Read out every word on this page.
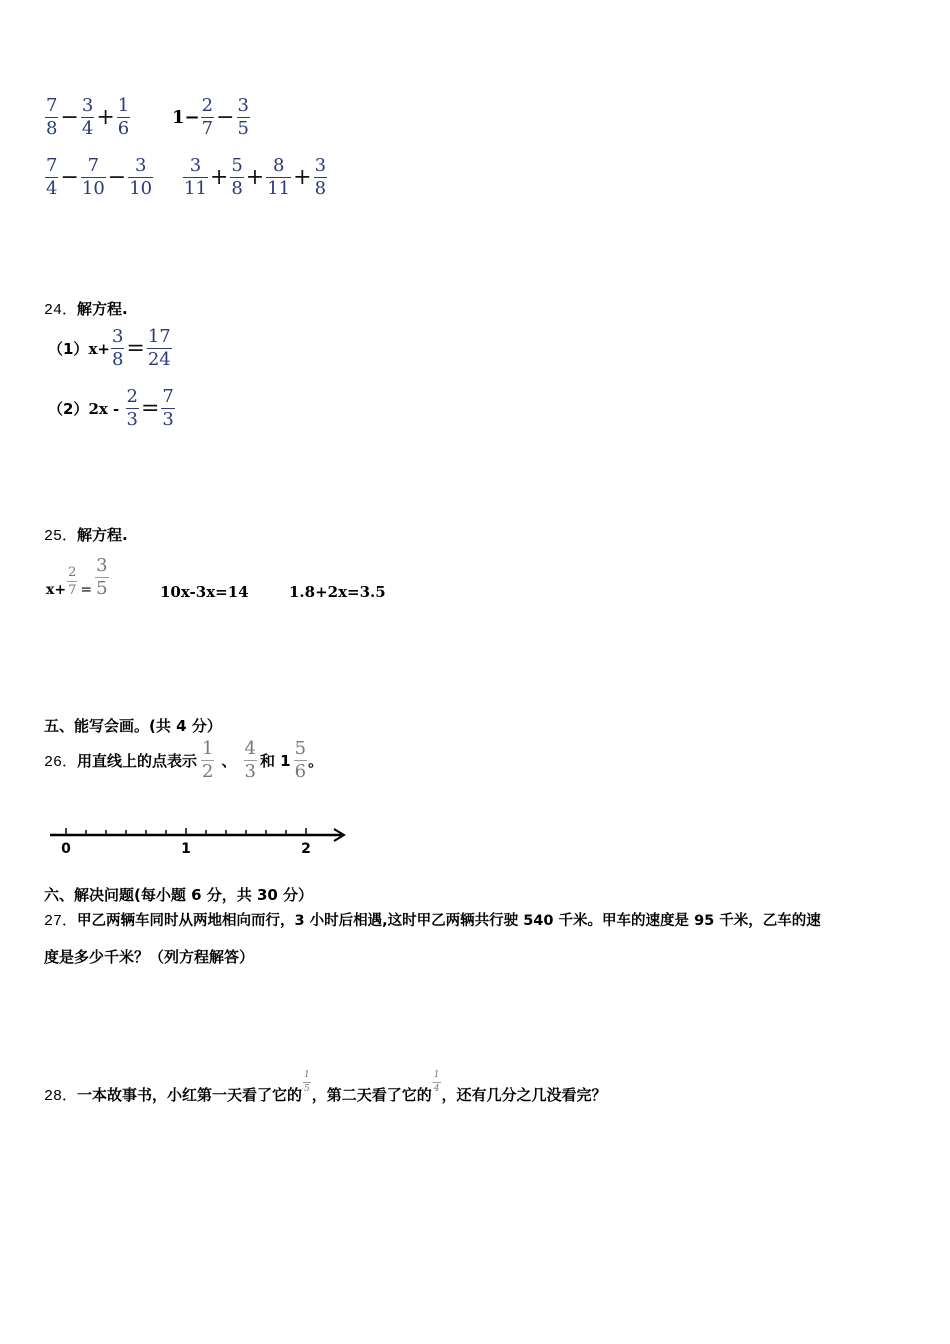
$\frac{7}{8} - \frac{3}{4} + \frac{1}{6} 1- \frac{2}{7} - \frac{3}{5}$
$\frac{7}{4} - \frac{7}{10} - \frac{3}{10} \frac{3}{11} + \frac{5}{8} + \frac{8}{11} + \frac{3}{8}$
24． 解方程.
（1） $x+ \frac{3}{8} = \frac{17}{24}$
（2） $2x - \frac{2}{3} = \frac{7}{3}$
25． 解方程.
$x+ \frac{2}{7} = \frac{3}{5}$	10x-3x=14	1.8+2x=3.5
五、能写会画。(共 4 分）
26． 用直线上的点表示 $\frac{1}{2}$ 、 $\frac{4}{3}$ 和 $1 \frac{5}{6}$ 。
0	1	2
六、解决问题(每小题 6 分，共 30 分）
27． 甲乙两辆车同时从两地相向而行，3 小时后相遇,这时甲乙两辆共行驶 540 千米。甲车的速度是 95 千米，乙车的速
度是多少千米？（列方程解答）
28． 一本故事书，小红第一天看了它的
$\frac{1}{5}$
，第二天看了它的
$\frac{1}{4}$
，还有几分之几没看完？
